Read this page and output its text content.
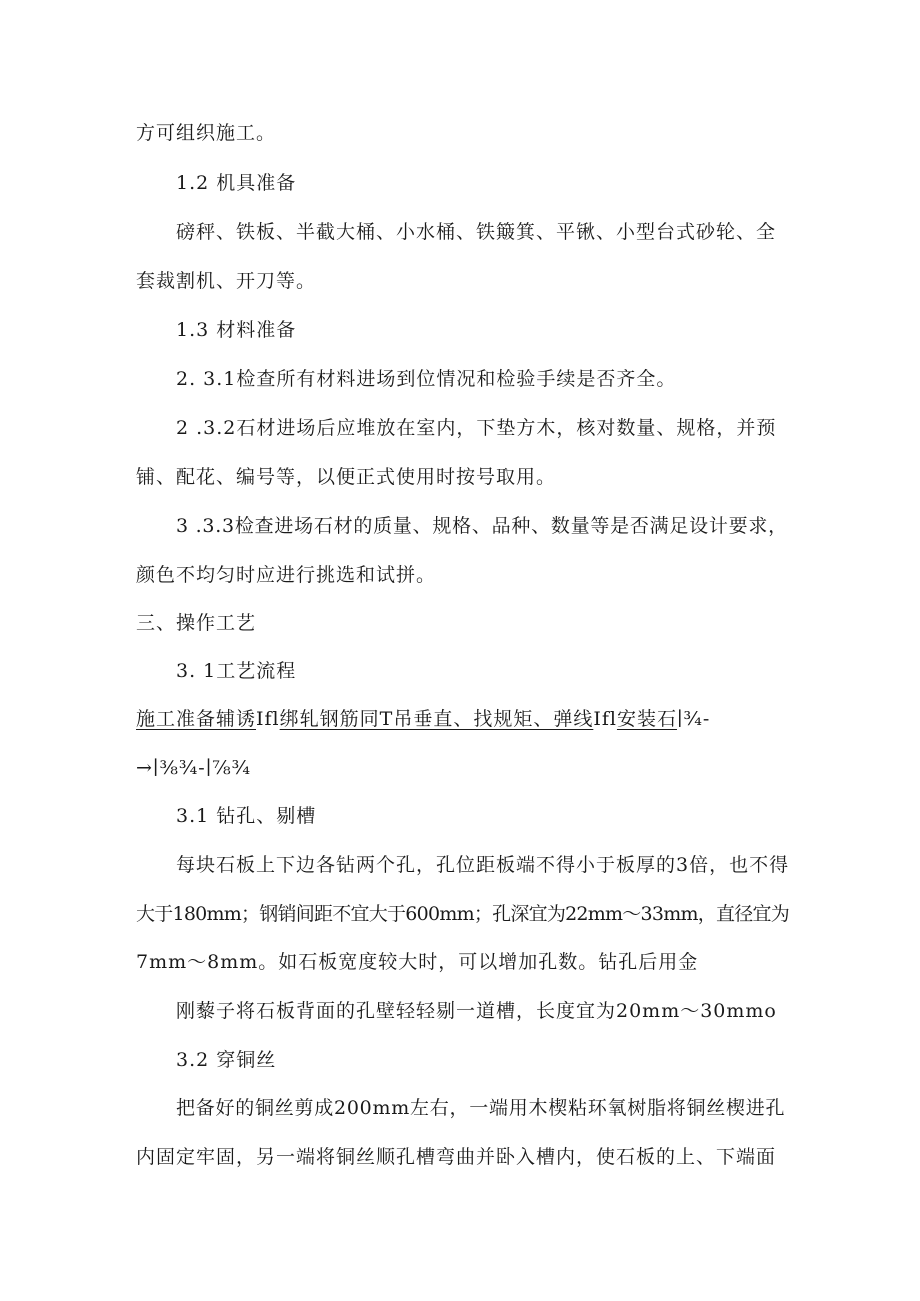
方可组织施工。
1.2 机具准备
磅秤、铁板、半截大桶、小水桶、铁簸箕、平锹、小型台式砂轮、全
套裁割机、开刀等。
1.3 材料准备
2. 3.1检查所有材料进场到位情况和检验手续是否齐全。
2 .3.2石材进场后应堆放在室内，下垫方木，核对数量、规格，并预
铺、配花、编号等，以便正式使用时按号取用。
3 .3.3检查进场石材的质量、规格、品种、数量等是否满足设计要求，
颜色不均匀时应进行挑选和试拼。
三、操作工艺
3. 1工艺流程
施工准备辅诱Ifl绑轧钢筋同T吊垂直、找规矩、弹线Ifl安装石∣¾-
→∣⅜¾-∣⅞¾
3.1 钻孔、剔槽
每块石板上下边各钻两个孔，孔位距板端不得小于板厚的3倍，也不得
大于180mm；钢销间距不宜大于600mm；孔深宜为22mm～33mm，直径宜为
7mm～8mm。如石板宽度较大时，可以增加孔数。钻孔后用金
刚藜子将石板背面的孔壁轻轻剔一道槽，长度宜为20mm～30mmo
3.2 穿铜丝
把备好的铜丝剪成200mm左右，一端用木楔粘环氧树脂将铜丝楔进孔
内固定牢固，另一端将铜丝顺孔槽弯曲并卧入槽内，使石板的上、下端面
